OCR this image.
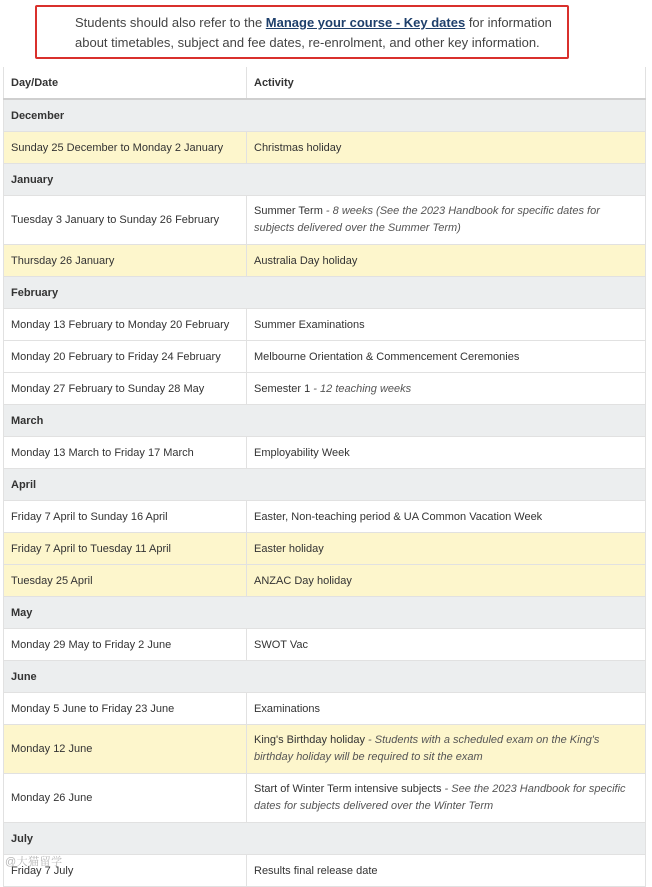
Students should also refer to the Manage your course - Key dates for information about timetables, subject and fee dates, re-enrolment, and other key information.
Day/Date	Activity
December	
Sunday 25 December to Monday 2 January	Christmas holiday
January	
Tuesday 3 January to Sunday 26 February	Summer Term - 8 weeks (See the 2023 Handbook for specific dates for subjects delivered over the Summer Term)
Thursday 26 January	Australia Day holiday
February	
Monday 13 February to Monday 20 February	Summer Examinations
Monday 20 February to Friday 24 February	Melbourne Orientation & Commencement Ceremonies
Monday 27 February to Sunday 28 May	Semester 1 - 12 teaching weeks
March	
Monday 13 March to Friday 17 March	Employability Week
April	
Friday 7 April to Sunday 16 April	Easter, Non-teaching period & UA Common Vacation Week
Friday 7 April to Tuesday 11 April	Easter holiday
Tuesday 25 April	ANZAC Day holiday
May	
Monday 29 May to Friday 2 June	SWOT Vac
June	
Monday 5 June to Friday 23 June	Examinations
Monday 12 June	King's Birthday holiday - Students with a scheduled exam on the King's birthday holiday will be required to sit the exam
Monday 26 June	Start of Winter Term intensive subjects - See the 2023 Handbook for specific dates for subjects delivered over the Winter Term
July	
Friday 7 July	Results final release date
@大猫留学
